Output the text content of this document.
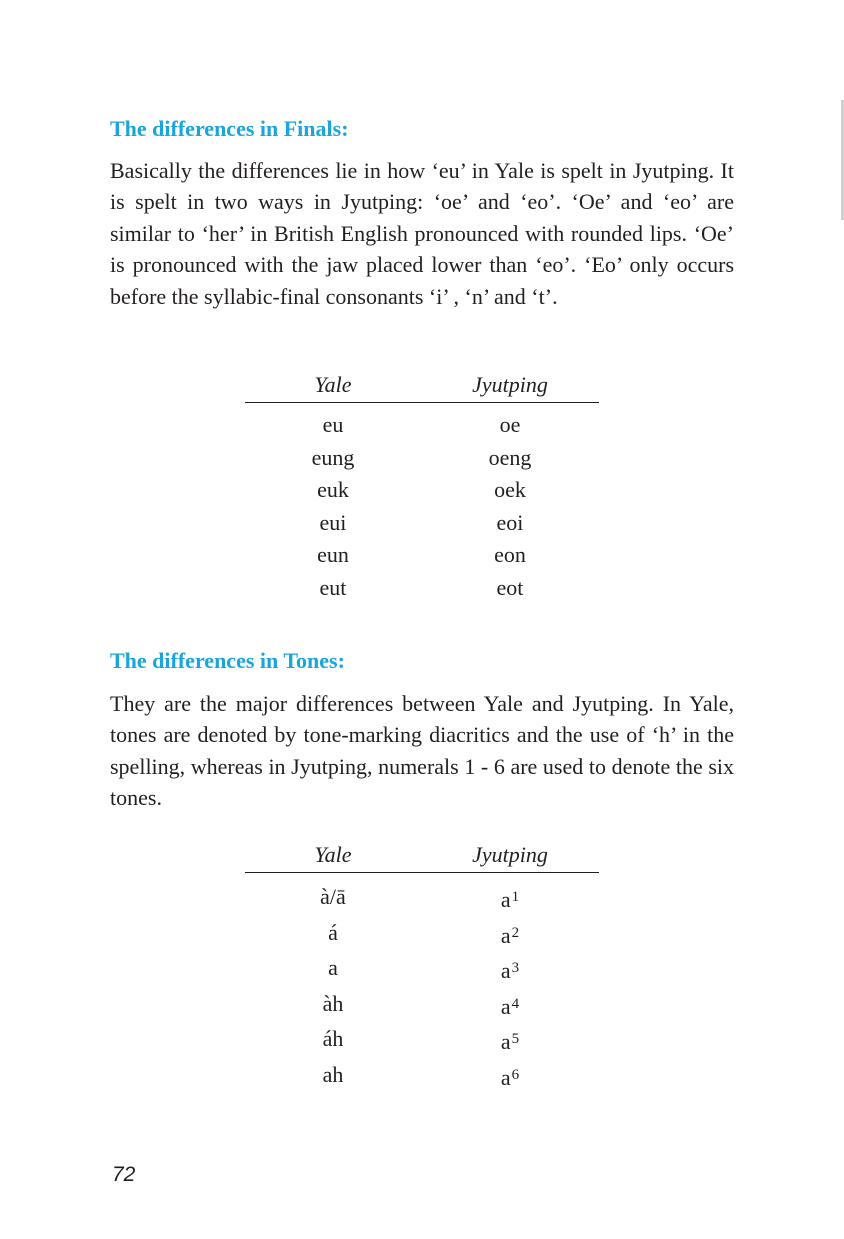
The differences in Finals:

Basically the differences lie in how ‘eu’ in Yale is spelt in Jyutping. It is spelt in two ways in Jyutping: ‘oe’ and ‘eo’. ‘Oe’ and ‘eo’ are similar to ‘her’ in British English pronounced with rounded lips. ‘Oe’ is pronounced with the jaw placed lower than ‘eo’. ‘Eo’ only occurs before the syllabic-final consonants ‘i’ , ‘n’ and ‘t’.

Yale	Jyutping
eu	oe
eung	oeng
euk	oek
eui	eoi
eun	eon
eut	eot
The differences in Tones:

They are the major differences between Yale and Jyutping. In Yale, tones are denoted by tone-marking diacritics and the use of ‘h’ in the spelling, whereas in Jyutping, numerals 1 - 6 are used to denote the six tones.

Yale	Jyutping
à/ā	$a^1$
á	$a^2$
a	$a^3$
àh	$a^4$
áh	$a^5$
ah	$a^6$
72
